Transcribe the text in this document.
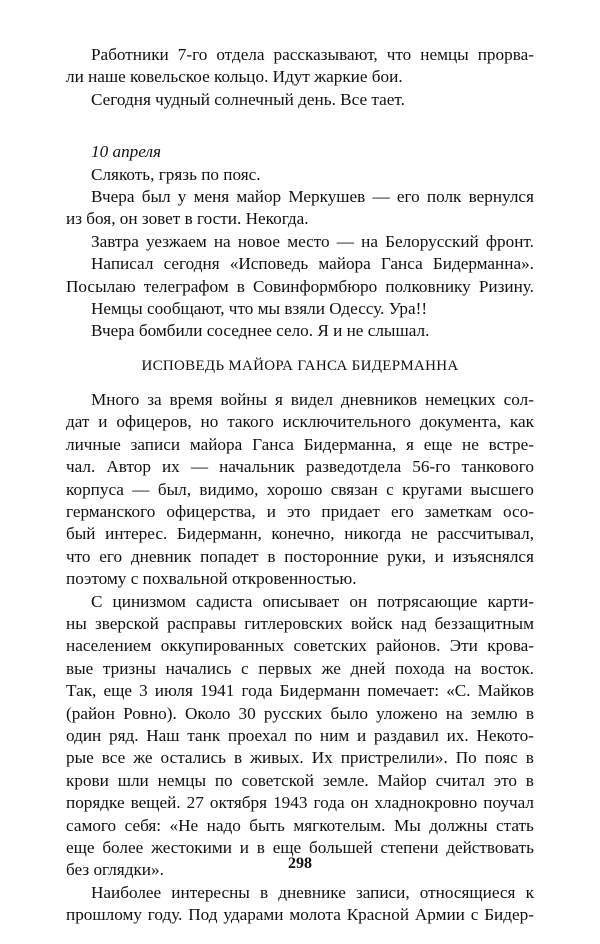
Работники 7-го отдела рассказывают, что немцы прорва-
ли наше ковельское кольцо. Идут жаркие бои.
Сегодня чудный солнечный день. Все тает.
10 апреля
Слякоть, грязь по пояс.
Вчера был у меня майор Меркушев — его полк вернулся
из боя, он зовет в гости. Некогда.
Завтра уезжаем на новое место — на Белорусский фронт.
Написал сегодня «Исповедь майора Ганса Бидерманна».
Посылаю телеграфом в Совинформбюро полковнику Ризину.
Немцы сообщают, что мы взяли Одессу. Ура!!
Вчера бомбили соседнее село. Я и не слышал.
ИСПОВЕДЬ МАЙОРА ГАНСА БИДЕРМАННА
Много за время войны я видел дневников немецких сол-
дат и офицеров, но такого исключительного документа, как
личные записи майора Ганса Бидерманна, я еще не встре-
чал. Автор их — начальник разведотдела 56-го танкового
корпуса — был, видимо, хорошо связан с кругами высшего
германского офицерства, и это придает его заметкам осо-
бый интерес. Бидерманн, конечно, никогда не рассчитывал,
что его дневник попадет в посторонние руки, и изъяснялся
поэтому с похвальной откровенностью.
С цинизмом садиста описывает он потрясающие карти-
ны зверской расправы гитлеровских войск над беззащитным
населением оккупированных советских районов. Эти крова-
вые тризны начались с первых же дней похода на восток.
Так, еще 3 июля 1941 года Бидерманн помечает: «С. Майков
(район Ровно). Около 30 русских было уложено на землю в
один ряд. Наш танк проехал по ним и раздавил их. Некото-
рые все же остались в живых. Их пристрелили». По пояс в
крови шли немцы по советской земле. Майор считал это в
порядке вещей. 27 октября 1943 года он хладнокровно поучал
самого себя: «Не надо быть мягкотелым. Мы должны стать
еще более жестокими и в еще большей степени действовать
без оглядки».
Наиболее интересны в дневнике записи, относящиеся к
прошлому году. Под ударами молота Красной Армии с Бидер-
298
